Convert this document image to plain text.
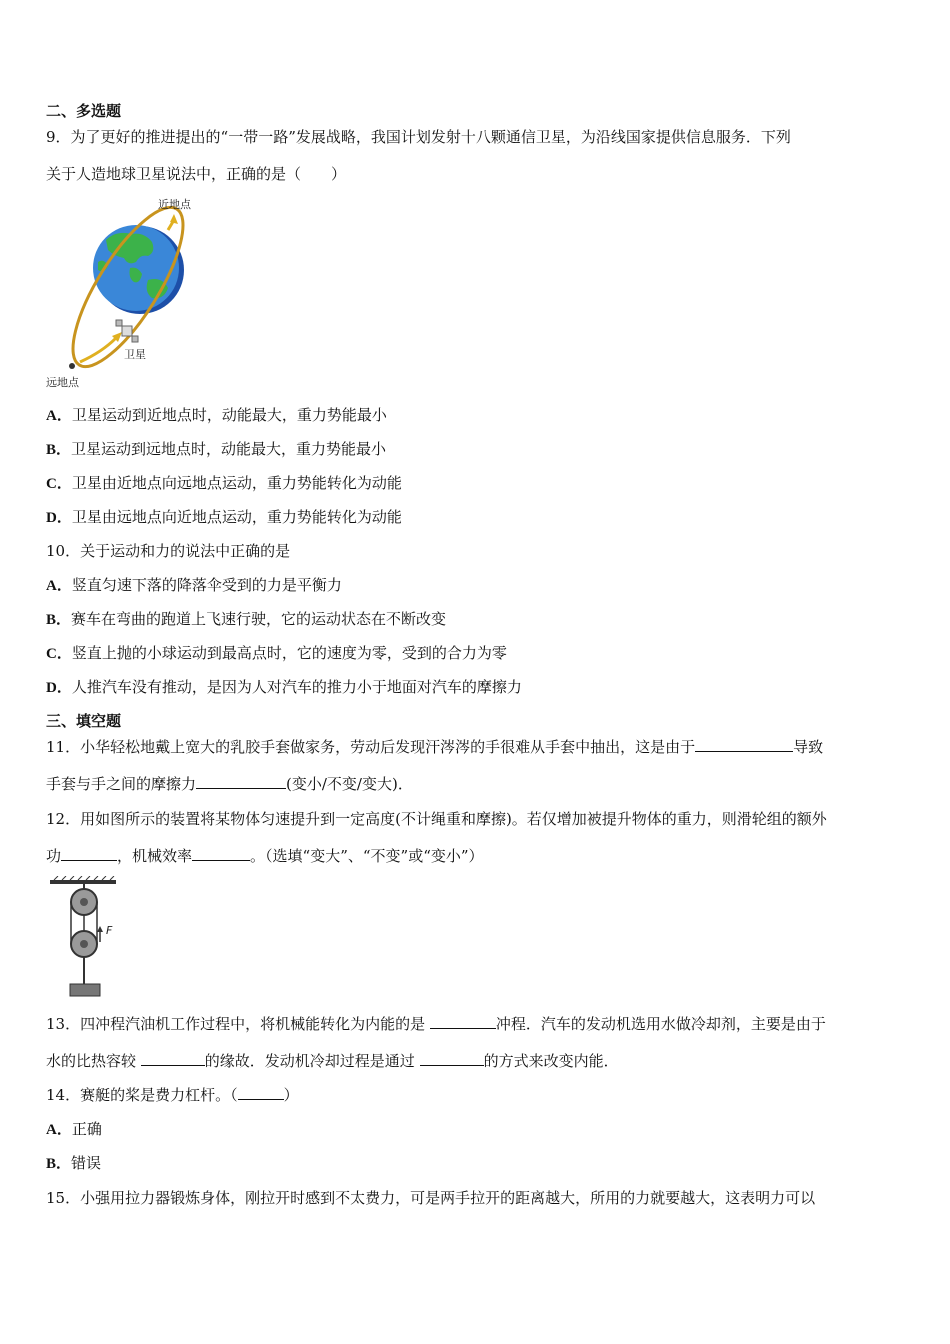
二、多选题
9．为了更好的推进提出的“一带一路”发展战略，我国计划发射十八颗通信卫星，为沿线国家提供信息服务．下列
关于人造地球卫星说法中，正确的是（　　）
近地点
卫星
远地点
A．卫星运动到近地点时，动能最大，重力势能最小
B．卫星运动到远地点时，动能最大，重力势能最小
C．卫星由近地点向远地点运动，重力势能转化为动能
D．卫星由远地点向近地点运动，重力势能转化为动能
10．关于运动和力的说法中正确的是
A．竖直匀速下落的降落伞受到的力是平衡力
B．赛车在弯曲的跑道上飞速行驶，它的运动状态在不断改变
C．竖直上抛的小球运动到最高点时，它的速度为零，受到的合力为零
D．人推汽车没有推动，是因为人对汽车的推力小于地面对汽车的摩擦力
三、填空题
11．小华轻松地戴上宽大的乳胶手套做家务，劳动后发现汗涔涔的手很难从手套中抽出，这是由于	导致
手套与手之间的摩擦力	(变小/不变/变大)．
12．用如图所示的装置将某物体匀速提升到一定高度(不计绳重和摩擦)。若仅增加被提升物体的重力，则滑轮组的额外
功	，机械效率	。（选填“变大”、“不变”或“变小”）
F
13．四冲程汽油机工作过程中，将机械能转化为内能的是	冲程．汽车的发动机选用水做冷却剂，主要是由于
水的比热容较	的缘故．发动机冷却过程是通过	的方式来改变内能．
14．赛艇的桨是费力杠杆。（	）
A．正确
B．错误
15．小强用拉力器锻炼身体，刚拉开时感到不太费力，可是两手拉开的距离越大，所用的力就要越大，这表明力可以
